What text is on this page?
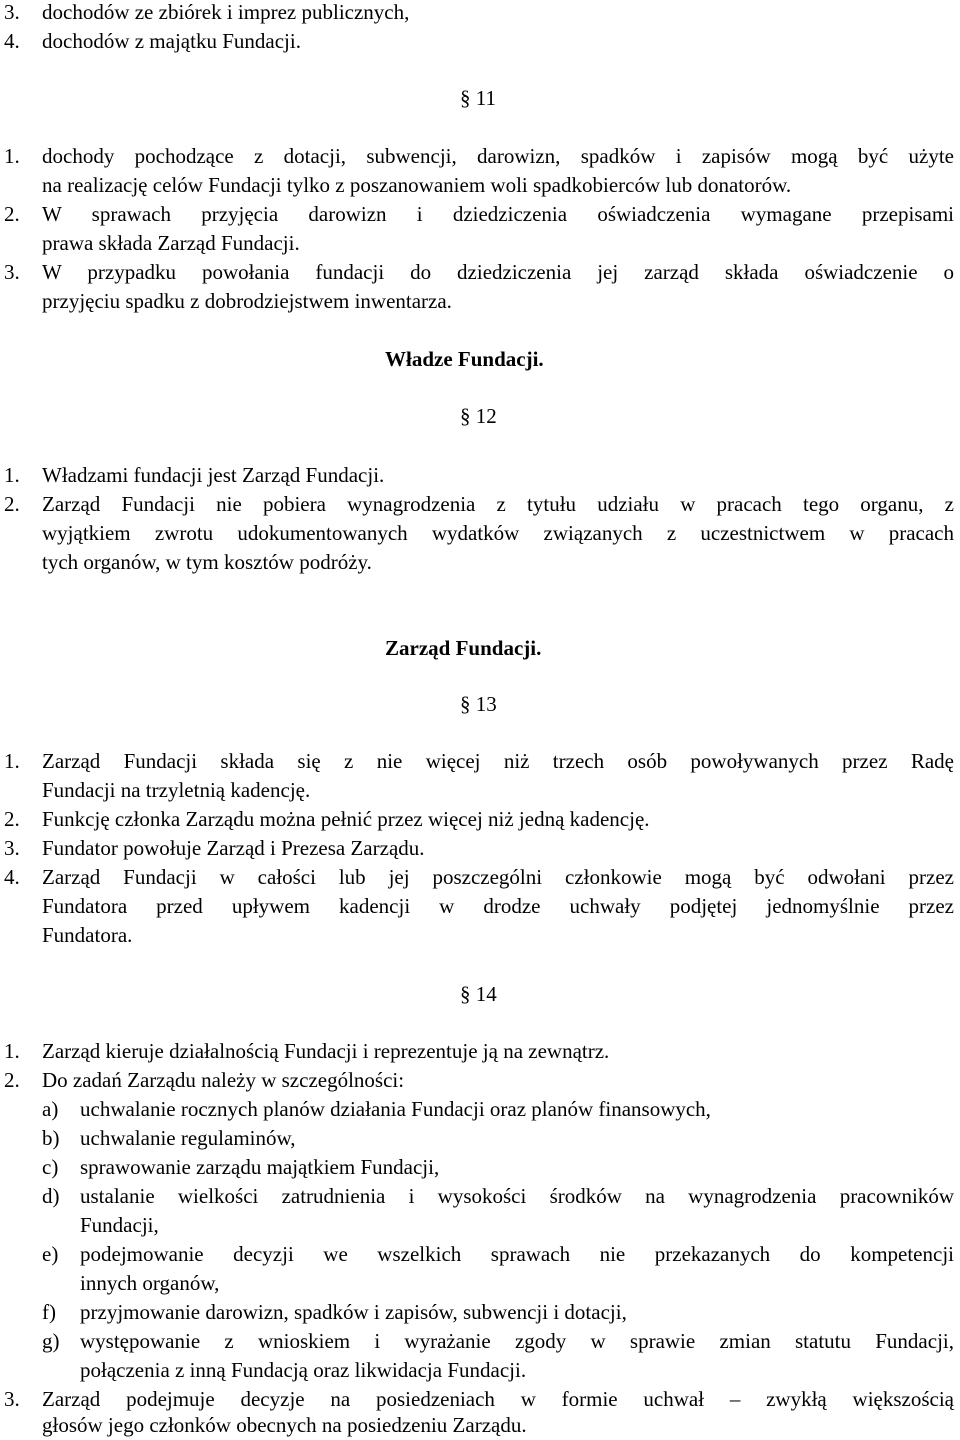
3. dochodów ze zbiórek i imprez publicznych,
4. dochodów z majątku Fundacji.
§ 11
1. dochody pochodzące z dotacji, subwencji, darowizn, spadków i zapisów mogą być użyte
na realizację celów Fundacji tylko z poszanowaniem woli spadkobierców lub donatorów.
2. W sprawach przyjęcia darowizn i dziedziczenia oświadczenia wymagane przepisami
prawa składa Zarząd Fundacji.
3. W przypadku powołania fundacji do dziedziczenia jej zarząd składa oświadczenie o
przyjęciu spadku z dobrodziejstwem inwentarza.
Władze Fundacji.
§ 12
1. Władzami fundacji jest Zarząd Fundacji.
2. Zarząd Fundacji nie pobiera wynagrodzenia z tytułu udziału w pracach tego organu, z
wyjątkiem zwrotu udokumentowanych wydatków związanych z uczestnictwem w pracach
tych organów, w tym kosztów podróży.
Zarząd Fundacji.
§ 13
1. Zarząd Fundacji składa się z nie więcej niż trzech osób powoływanych przez Radę
Fundacji na trzyletnią kadencję.
2. Funkcję członka Zarządu można pełnić przez więcej niż jedną kadencję.
3. Fundator powołuje Zarząd i Prezesa Zarządu.
4. Zarząd Fundacji w całości lub jej poszczególni członkowie mogą być odwołani przez
Fundatora przed upływem kadencji w drodze uchwały podjętej jednomyślnie przez
Fundatora.
§ 14
1. Zarząd kieruje działalnością Fundacji i reprezentuje ją na zewnątrz.
2. Do zadań Zarządu należy w szczególności:
a) uchwalanie rocznych planów działania Fundacji oraz planów finansowych,
b) uchwalanie regulaminów,
c) sprawowanie zarządu majątkiem Fundacji,
d) ustalanie wielkości zatrudnienia i wysokości środków na wynagrodzenia pracowników
Fundacji,
e) podejmowanie decyzji we wszelkich sprawach nie przekazanych do kompetencji
innych organów,
f) przyjmowanie darowizn, spadków i zapisów, subwencji i dotacji,
g) występowanie z wnioskiem i wyrażanie zgody w sprawie zmian statutu Fundacji,
połączenia z inną Fundacją oraz likwidacja Fundacji.
3. Zarząd podejmuje decyzje na posiedzeniach w formie uchwał – zwykłą większością
głosów jego członków obecnych na posiedzeniu Zarządu.
